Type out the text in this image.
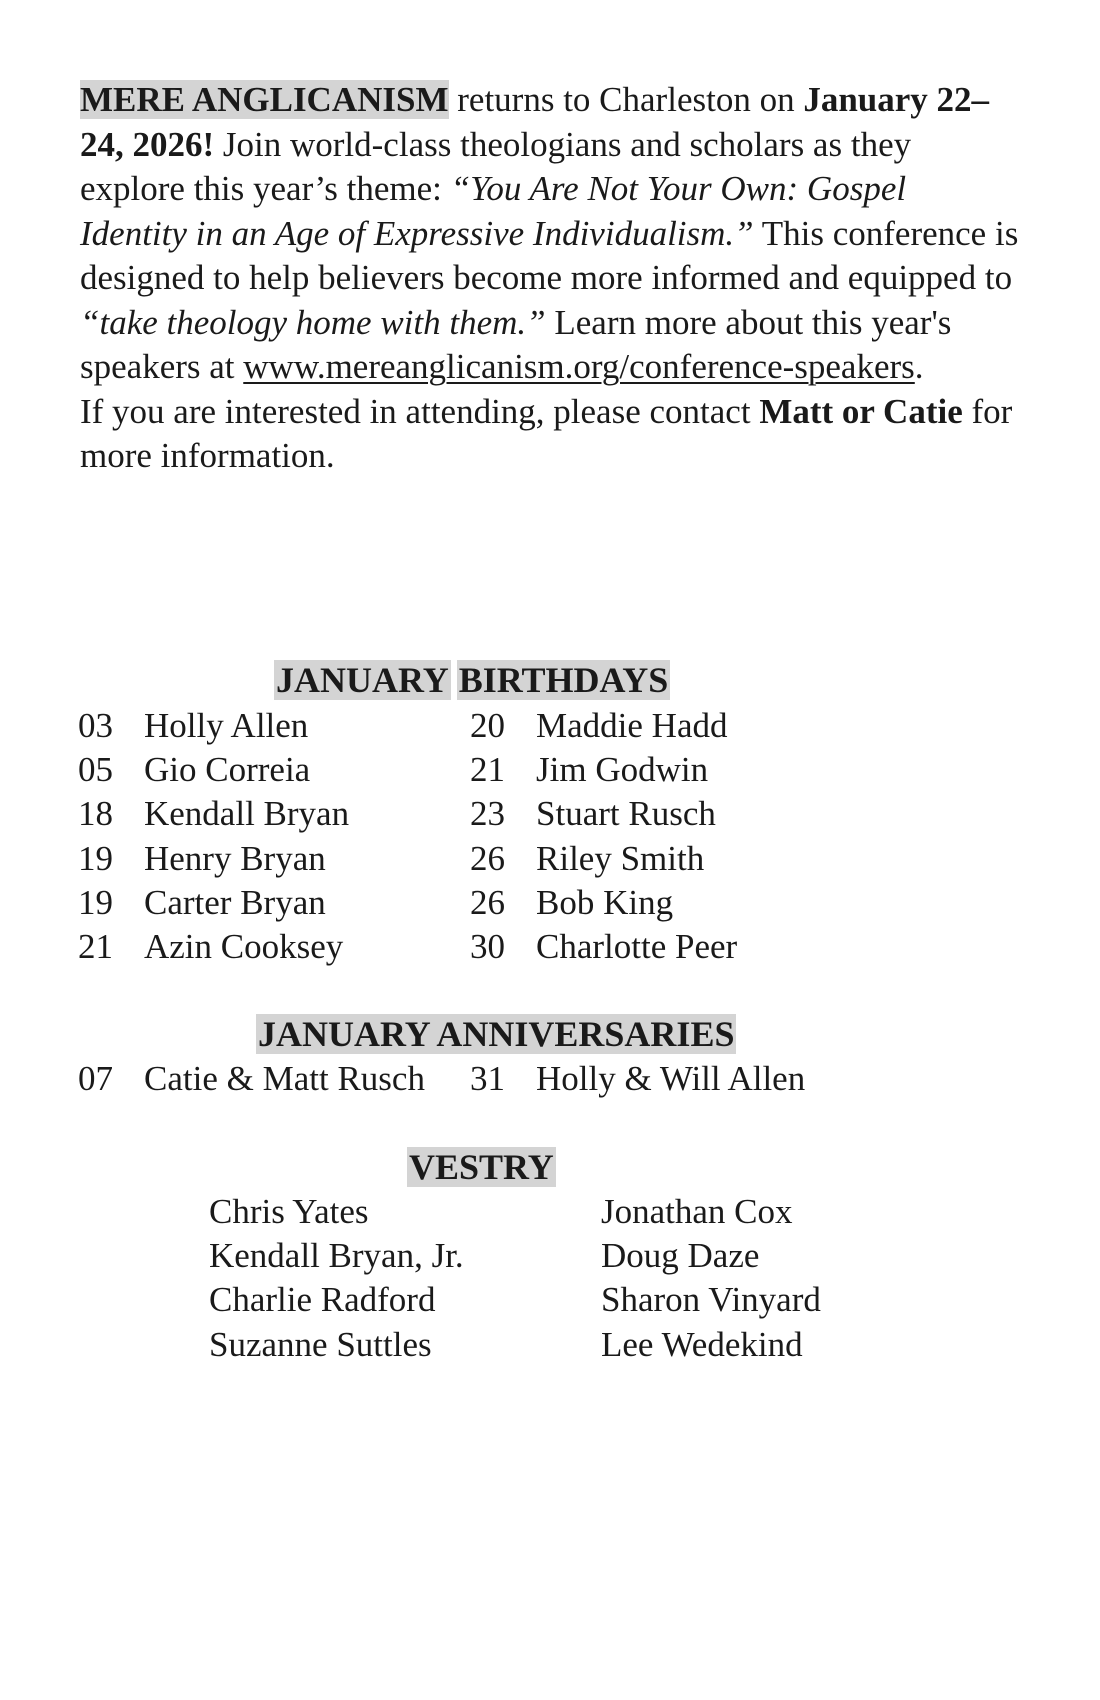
MERE ANGLICANISM returns to Charleston on January 22–24, 2026! Join world-class theologians and scholars as they explore this year’s theme: “You Are Not Your Own: Gospel Identity in an Age of Expressive Individualism.” This conference is designed to help believers become more informed and equipped to “take theology home with them.” Learn more about this year's speakers at www.mereanglicanism.org/conference-speakers.
If you are interested in attending, please contact Matt or Catie for more information.
JANUARY BIRTHDAYS
03 Holly Allen
05 Gio Correia
18 Kendall Bryan
19 Henry Bryan
19 Carter Bryan
21 Azin Cooksey
20 Maddie Hadd
21 Jim Godwin
23 Stuart Rusch
26 Riley Smith
26 Bob King
30 Charlotte Peer
JANUARY ANNIVERSARIES
07 Catie & Matt Rusch 31 Holly & Will Allen
VESTRY
Chris Yates
Kendall Bryan, Jr.
Charlie Radford
Suzanne Suttles
Jonathan Cox
Doug Daze
Sharon Vinyard
Lee Wedekind
